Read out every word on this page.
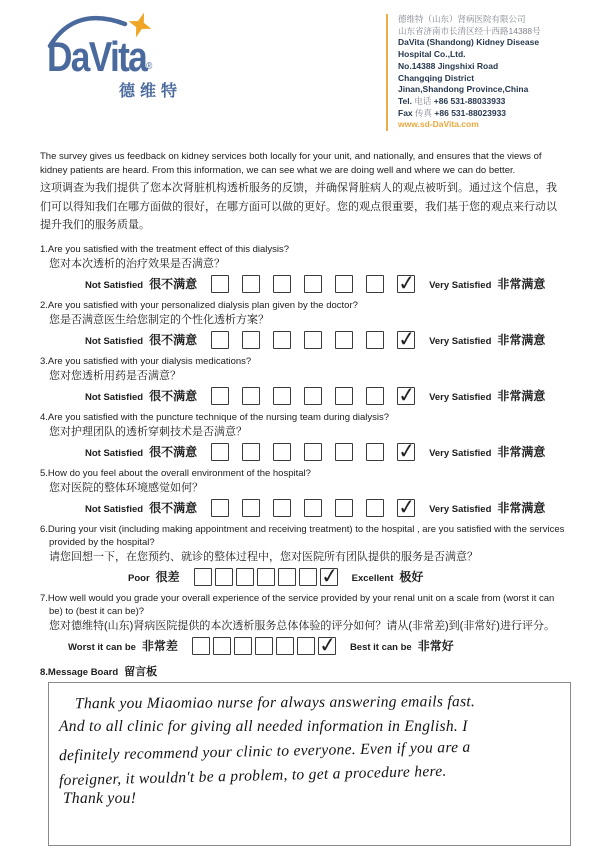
DaVita®
德维特
德维特（山东）肾病医院有限公司
山东省济南市长清区经十西路14388号
DaVita (Shandong) Kidney Disease
Hospital Co.,Ltd.
No.14388 Jingshixi Road
Changqing District
Jinan,Shandong Province,China
Tel. 电话 +86 531-88033933
Fax 传真 +86 531-88023933
www.sd-DaVita.com
The survey gives us feedback on kidney services both locally for your unit, and nationally, and ensures that the views of kidney patients are heard. From this information, we can see what we are doing well and where we can do better.
这项调查为我们提供了您本次肾脏机构透析服务的反馈，并确保肾脏病人的观点被听到。通过这个信息，我们可以得知我们在哪方面做的很好，在哪方面可以做的更好。您的观点很重要，我们基于您的观点来行动以提升我们的服务质量。
1.Are you satisfied with the treatment effect of this dialysis?
您对本次透析的治疗效果是否满意？
Not Satisfied 很不满意	✓ Very Satisfied 非常满意
2.Are you satisfied with your personalized dialysis plan given by the doctor?
您是否满意医生给您制定的个性化透析方案？
Not Satisfied 很不满意	✓ Very Satisfied 非常满意
3.Are you satisfied with your dialysis medications?
您对您透析用药是否满意？
Not Satisfied 很不满意	✓ Very Satisfied 非常满意
4.Are you satisfied with the puncture technique of the nursing team during dialysis?
您对护理团队的透析穿刺技术是否满意？
Not Satisfied 很不满意	✓ Very Satisfied 非常满意
5.How do you feel about the overall environment of the hospital?
您对医院的整体环境感觉如何？
Not Satisfied 很不满意	✓ Very Satisfied 非常满意
6.During your visit (including making appointment and receiving treatment) to the hospital , are you satisfied with the services provided by the hospital?
请您回想一下，在您预约、就诊的整体过程中，您对医院所有团队提供的服务是否满意？
Poor 很差	✓ Excellent 极好
7.How well would you grade your overall experience of the service provided by your renal unit on a scale from (worst it can be) to (best it can be)?
您对德维特(山东)肾病医院提供的本次透析服务总体体验的评分如何？请从(非常差)到(非常好)进行评分。
Worst it can be 非常差	✓ Best it can be 非常好
8.Message Board 留言板
Thank you Miaomiao nurse for always answering emails fast.
And to all clinic for giving all needed information in English. I
definitely recommend your clinic to everyone. Even if you are a
foreigner, it wouldn't be a problem, to get a procedure here.
Thank you!
